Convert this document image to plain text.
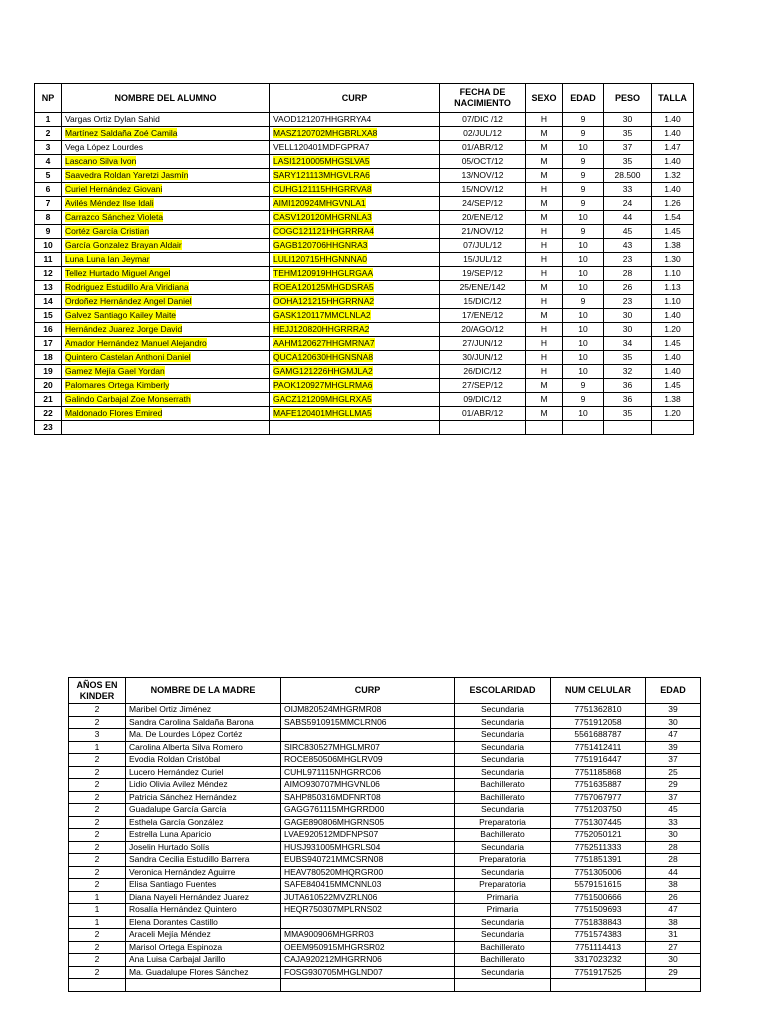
NP	NOMBRE DEL ALUMNO	CURP	FECHA DE NACIMIENTO	SEXO	EDAD	PESO	TALLA
1	Vargas Ortiz Dylan Sahid	VAOD121207HHGRRYA4	07/DIC /12	H	9	30	1.40
2	Martínez Saldaña Zoé Camila	MASZ120702MHGBRLXA8	02/JUL/12	M	9	35	1.40
3	Vega López Lourdes	VELL120401MDFGPRA7	01/ABR/12	M	10	37	1.47
4	Lascano Silva Ivon	LASI1210005MHGSLVA5	05/OCT/12	M	9	35	1.40
5	Saavedra Roldan Yaretzi Jasmín	SARY121113MHGVLRA6	13/NOV/12	M	9	28.500	1.32
6	Curiel Hernández Giovani	CUHG121115HHGRRVA8	15/NOV/12	H	9	33	1.40
7	Avilés Méndez Ilse Idali	AIMI120924MHGVNLA1	24/SEP/12	M	9	24	1.26
8	Carrazco Sánchez Violeta	CASV120120MHGRNLA3	20/ENE/12	M	10	44	1.54
9	Cortéz García Cristian	COGC121121HHGRRRA4	21/NOV/12	H	9	45	1.45
10	García Gonzalez Brayan Aldair	GAGB120706HHGNRA3	07/JUL/12	H	10	43	1.38
11	Luna Luna Ian Jeymar	LULI120715HHGNNNA0	15/JUL/12	H	10	23	1.30
12	Tellez Hurtado Miguel Angel	TEHM120919HHGLRGAA	19/SEP/12	H	10	28	1.10
13	Rodriguez Estudillo Ara Viridiana	ROEA120125MHGDSRA5	25/ENE/142	M	10	26	1.13
14	Ordoñez Hernández Angel Daniel	OOHA121215HHGRRNA2	15/DIC/12	H	9	23	1.10
15	Galvez Santiago Kailey Maite	GASK120117MMCLNLA2	17/ENE/12	M	10	30	1.40
16	Hernández Juarez Jorge David	HEJJ120820HHGRRRA2	20/AGO/12	H	10	30	1.20
17	Amador Hernández Manuel Alejandro	AAHM120627HHGMRNA7	27/JUN/12	H	10	34	1.45
18	Quintero Castelan Anthoni Daniel	QUCA120630HHGNSNA8	30/JUN/12	H	10	35	1.40
19	Gamez Mejía Gael Yordan	GAMG121226HHGMJLA2	26/DIC/12	H	10	32	1.40
20	Palomares Ortega Kimberly	PAOK120927MHGLRMA6	27/SEP/12	M	9	36	1.45
21	Galindo Carbajal Zoe Monserrath	GACZ121209MHGLRXA5	09/DIC/12	M	9	36	1.38
22	Maldonado Flores Emired	MAFE120401MHGLLMA5	01/ABR/12	M	10	35	1.20
23							
AÑOS EN KINDER	NOMBRE DE LA MADRE	CURP	ESCOLARIDAD	NUM CELULAR	EDAD
2	Maribel Ortiz Jiménez	OIJM820524MHGRMR08	Secundaria	7751362810	39
2	Sandra Carolina Saldaña Barona	SABS5910915MMCLRN06	Secundaria	7751912058	30
3	Ma. De Lourdes López Cortéz		Secundaria	5561688787	47
1	Carolina Alberta Silva Romero	SIRC830527MHGLMR07	Secundaria	7751412411	39
2	Evodia Roldan Cristóbal	ROCE850506MHGLRV09	Secundaria	7751916447	37
2	Lucero Hernández Curiel	CUHL971115NHGRRC06	Secundaria	7751185868	25
2	Lidio Olivia Avilez Méndez	AIMO930707MHGVNL06	Bachillerato	7751635887	29
2	Patricia Sánchez Hernández	SAHP850316MDFNRT08	Bachillerato	7757067977	37
2	Guadalupe García García	GAGG761115MHGRRD00	Secundaria	7751203750	45
2	Esthela García González	GAGE890806MHGRNS05	Preparatoria	7751307445	33
2	Estrella Luna Aparicio	LVAE920512MDFNPS07	Bachillerato	7752050121	30
2	Joselin Hurtado Solís	HUSJ931005MHGRLS04	Secundaria	7752511333	28
2	Sandra Cecilia Estudillo Barrera	EUBS940721MMCSRN08	Preparatoria	7751851391	28
2	Veronica Hernández Aguirre	HEAV780520MHQRGR00	Secundaria	7751305006	44
2	Elisa Santiago Fuentes	SAFE840415MMCNNL03	Preparatoria	5579151615	38
1	Diana Nayeli Hernández Juarez	JUTA610522MVZRLN06	Primaria	7751500666	26
1	Rosalía Hernández Quintero	HEQR750307MPLRNS02	Primaria	7751509693	47
1	Elena Dorantes Castillo		Secundaria	7751838843	38
2	Araceli Mejía Méndez	MMA900906MHGRR03	Secundaria	7751574383	31
2	Marisol Ortega Espinoza	OEEM950915MHGRSR02	Bachillerato	7751114413	27
2	Ana Luisa Carbajal Jarillo	CAJA920212MHGRRN06	Bachillerato	3317023232	30
2	Ma. Guadalupe Flores Sánchez	FOSG930705MHGLND07	Secundaria	7751917525	29
